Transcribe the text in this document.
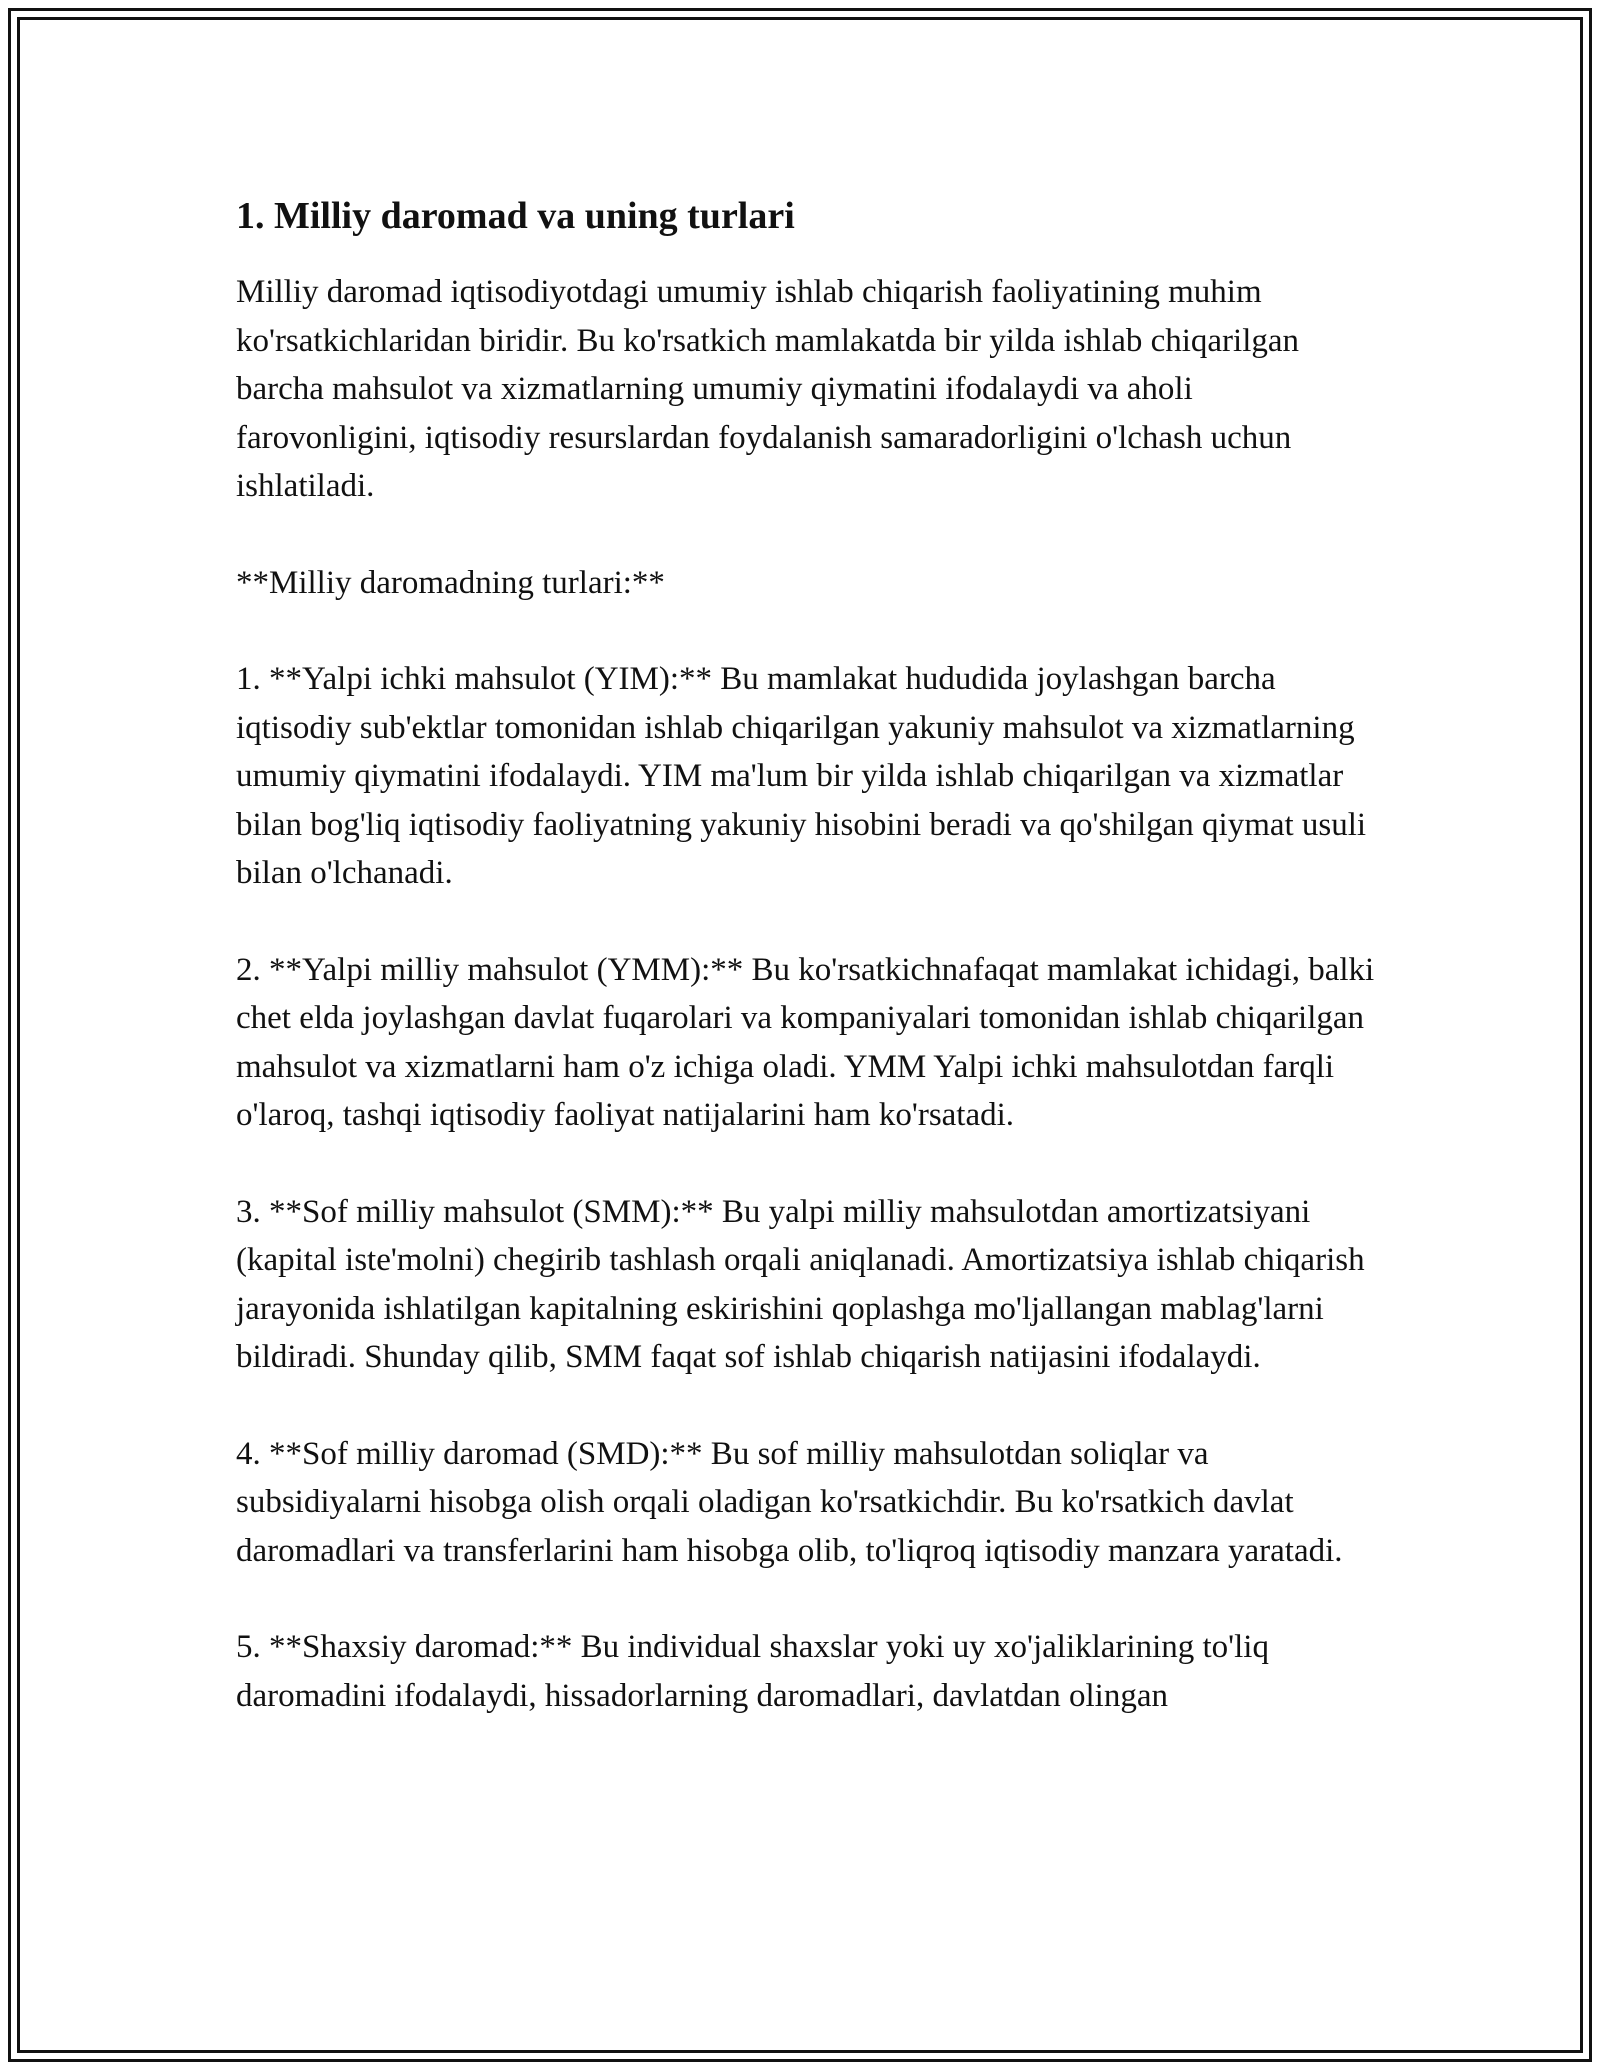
1. Milliy daromad va uning turlari

Milliy daromad iqtisodiyotdagi umumiy ishlab chiqarish faoliyatining muhim ko'rsatkichlaridan biridir. Bu ko'rsatkich mamlakatda bir yilda ishlab chiqarilgan barcha mahsulot va xizmatlarning umumiy qiymatini ifodalaydi va aholi farovonligini, iqtisodiy resurslardan foydalanish samaradorligini o'lchash uchun ishlatiladi.

**Milliy daromadning turlari:**

1. **Yalpi ichki mahsulot (YIM):** Bu mamlakat hududida joylashgan barcha iqtisodiy sub'ektlar tomonidan ishlab chiqarilgan yakuniy mahsulot va xizmatlarning umumiy qiymatini ifodalaydi. YIM ma'lum bir yilda ishlab chiqarilgan va xizmatlar bilan bog'liq iqtisodiy faoliyatning yakuniy hisobini beradi va qo'shilgan qiymat usuli bilan o'lchanadi.

2. **Yalpi milliy mahsulot (YMM):** Bu ko'rsatkichnafaqat mamlakat ichidagi, balki chet elda joylashgan davlat fuqarolari va kompaniyalari tomonidan ishlab chiqarilgan mahsulot va xizmatlarni ham o'z ichiga oladi. YMM Yalpi ichki mahsulotdan farqli o'laroq, tashqi iqtisodiy faoliyat natijalarini ham ko'rsatadi.

3. **Sof milliy mahsulot (SMM):** Bu yalpi milliy mahsulotdan amortizatsiyani (kapital iste'molni) chegirib tashlash orqali aniqlanadi. Amortizatsiya ishlab chiqarish jarayonida ishlatilgan kapitalning eskirishini qoplashga mo'ljallangan mablag'larni bildiradi. Shunday qilib, SMM faqat sof ishlab chiqarish natijasini ifodalaydi.

4. **Sof milliy daromad (SMD):** Bu sof milliy mahsulotdan soliqlar va subsidiyalarni hisobga olish orqali oladigan ko'rsatkichdir. Bu ko'rsatkich davlat daromadlari va transferlarini ham hisobga olib, to'liqroq iqtisodiy manzara yaratadi.

5. **Shaxsiy daromad:** Bu individual shaxslar yoki uy xo'jaliklarining to'liq daromadini ifodalaydi, hissadorlarning daromadlari, davlatdan olingan
